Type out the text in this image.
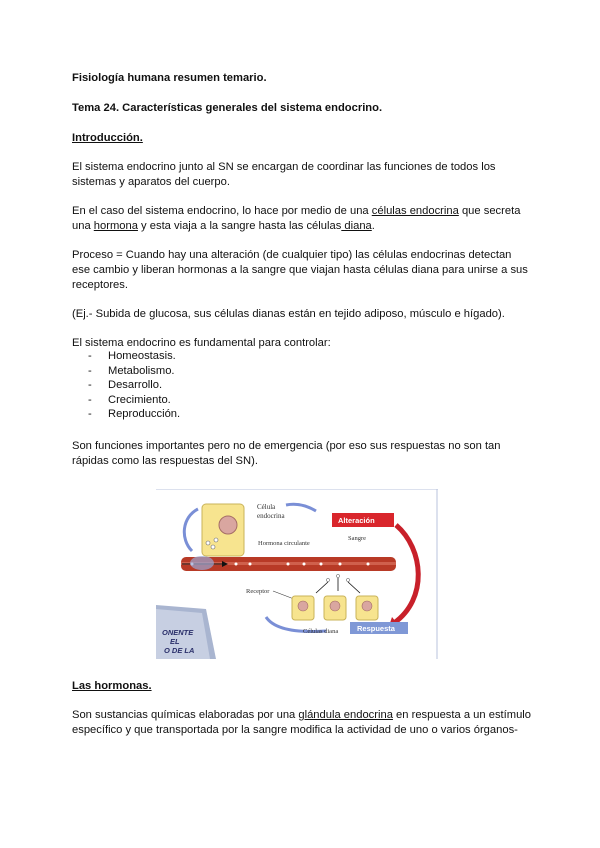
Fisiología humana resumen temario.
Tema 24. Características generales del sistema endocrino.
Introducción.
El sistema endocrino junto al SN se encargan de coordinar las funciones de todos los
sistemas y aparatos del cuerpo.
En el caso del sistema endocrino, lo hace por medio de una células endocrina que secreta
una hormona y esta viaja a la sangre hasta las células diana.
Proceso = Cuando hay una alteración (de cualquier tipo) las células endocrinas detectan
ese cambio y liberan hormonas a la sangre que viajan hasta células diana para unirse a sus
receptores.
(Ej.- Subida de glucosa, sus células dianas están en tejido adiposo, músculo e hígado).
El sistema endocrino es fundamental para controlar:
-	Homeostasis.
-	Metabolismo.
-	Desarrollo.
-	Crecimiento.
-	Reproducción.
Son funciones importantes pero no de emergencia (por eso sus respuestas no son tan
rápidas como las respuestas del SN).
Célula
endocrina	Alteración
Sangre
Hormona circulante
Receptor
Células diana	Respuesta
ONENTE
EL
O DE LA
Las hormonas.
Son sustancias químicas elaboradas por una glándula endocrina en respuesta a un estímulo
específico y que transportada por la sangre modifica la actividad de uno o varios órganos-
